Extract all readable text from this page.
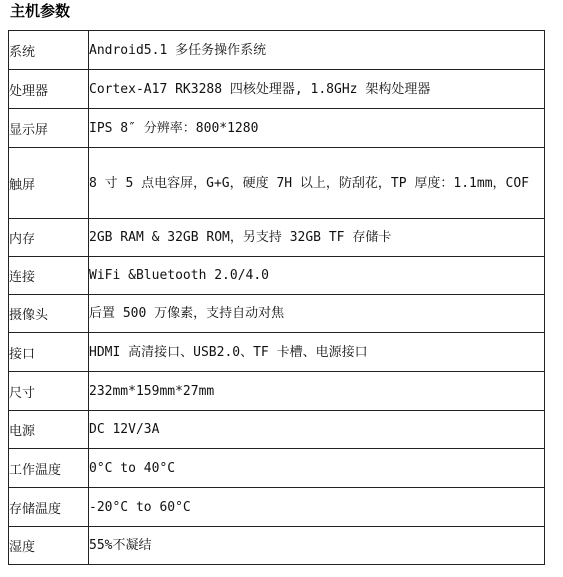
主机参数
系统	Android5.1 多任务操作系统
处理器	Cortex-A17 RK3288 四核处理器, 1.8GHz 架构处理器
显示屏	IPS 8″ 分辨率：800*1280
触屏	8 寸 5 点电容屏，G+G，硬度 7H 以上，防刮花，TP 厚度：1.1mm，COF
内存	2GB RAM & 32GB ROM，另支持 32GB TF 存储卡
连接	WiFi &Bluetooth 2.0/4.0
摄像头	后置 500 万像素，支持自动对焦
接口	HDMI 高清接口、USB2.0、TF 卡槽、电源接口
尺寸	232mm*159mm*27mm
电源	DC 12V/3A
工作温度	0°C to 40°C
存储温度	-20°C to 60°C
湿度	55%不凝结
